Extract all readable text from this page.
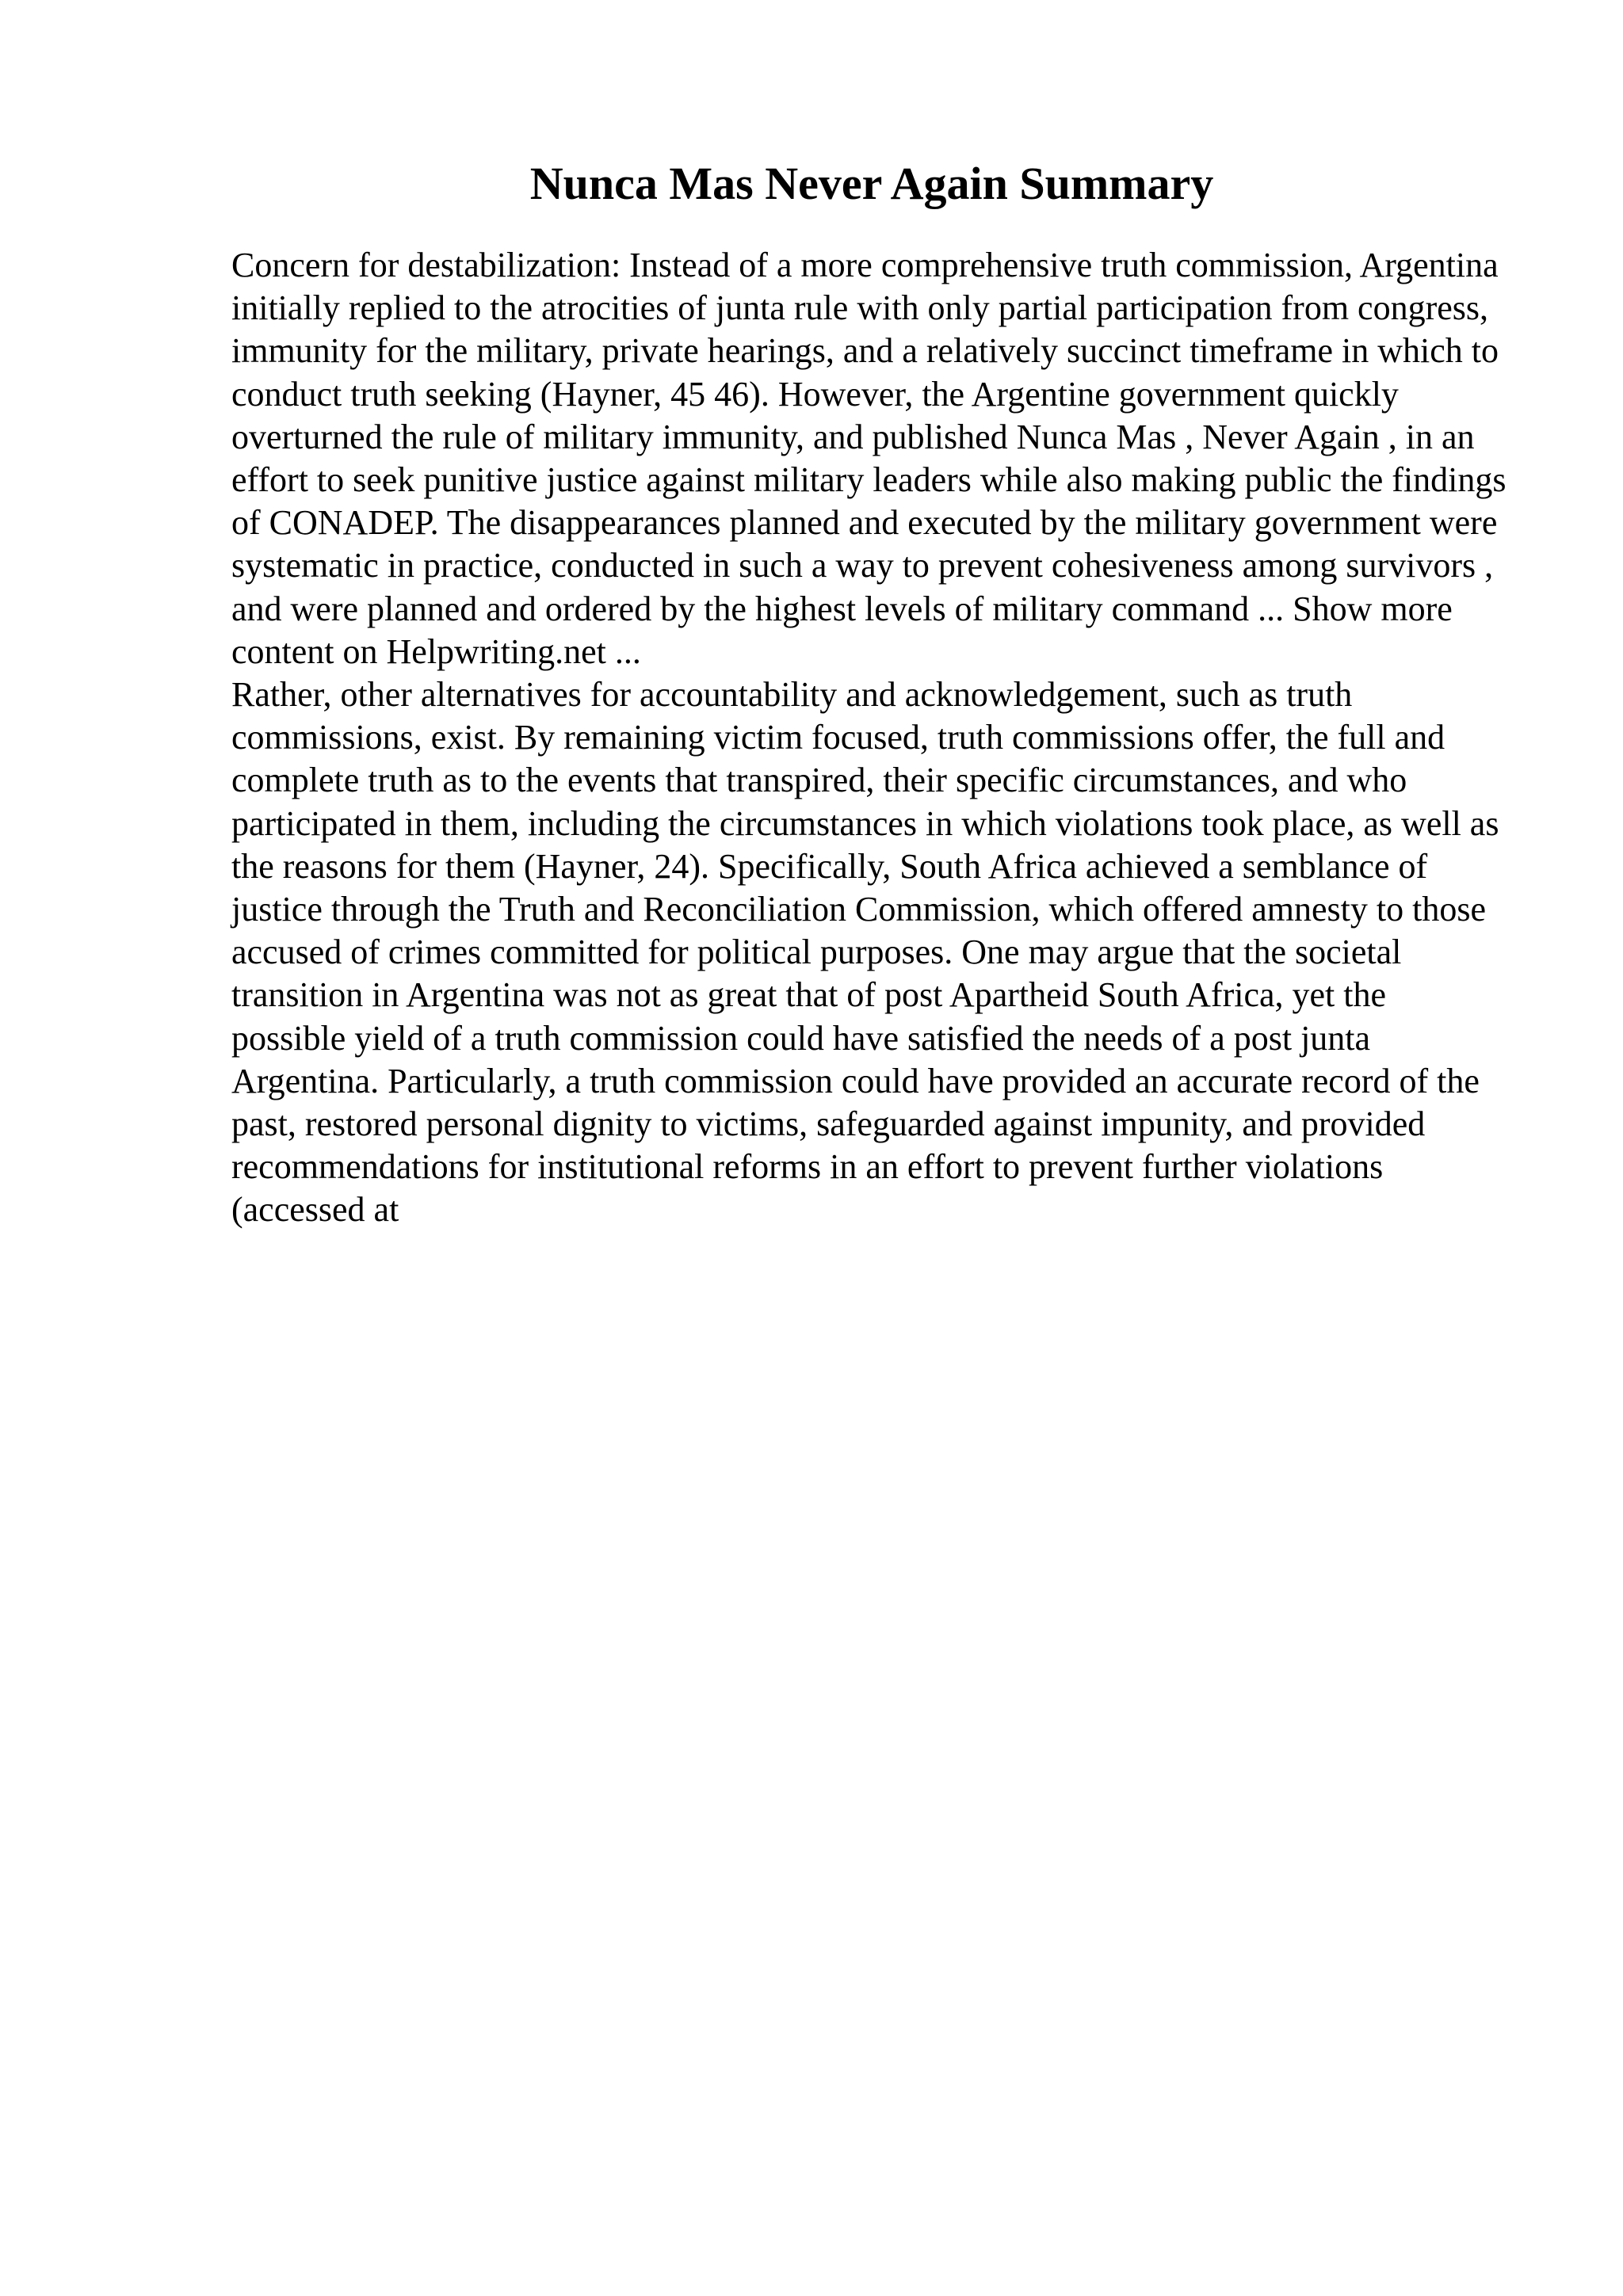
Nunca Mas Never Again Summary

Concern for destabilization: Instead of a more comprehensive truth commission, Argentina initially replied to the atrocities of junta rule with only partial participation from congress, immunity for the military, private hearings, and a relatively succinct timeframe in which to conduct truth seeking (Hayner, 45 46). However, the Argentine government quickly overturned the rule of military immunity, and published Nunca Mas , Never Again , in an effort to seek punitive justice against military leaders while also making public the findings of CONADEP. The disappearances planned and executed by the military government were systematic in practice, conducted in such a way to prevent cohesiveness among survivors , and were planned and ordered by the highest levels of military command ... Show more content on Helpwriting.net ...

Rather, other alternatives for accountability and acknowledgement, such as truth commissions, exist. By remaining victim focused, truth commissions offer, the full and complete truth as to the events that transpired, their specific circumstances, and who participated in them, including the circumstances in which violations took place, as well as the reasons for them (Hayner, 24). Specifically, South Africa achieved a semblance of justice through the Truth and Reconciliation Commission, which offered amnesty to those accused of crimes committed for political purposes. One may argue that the societal transition in Argentina was not as great that of post Apartheid South Africa, yet the possible yield of a truth commission could have satisfied the needs of a post junta Argentina. Particularly, a truth commission could have provided an accurate record of the past, restored personal dignity to victims, safeguarded against impunity, and provided recommendations for institutional reforms in an effort to prevent further violations (accessed at
